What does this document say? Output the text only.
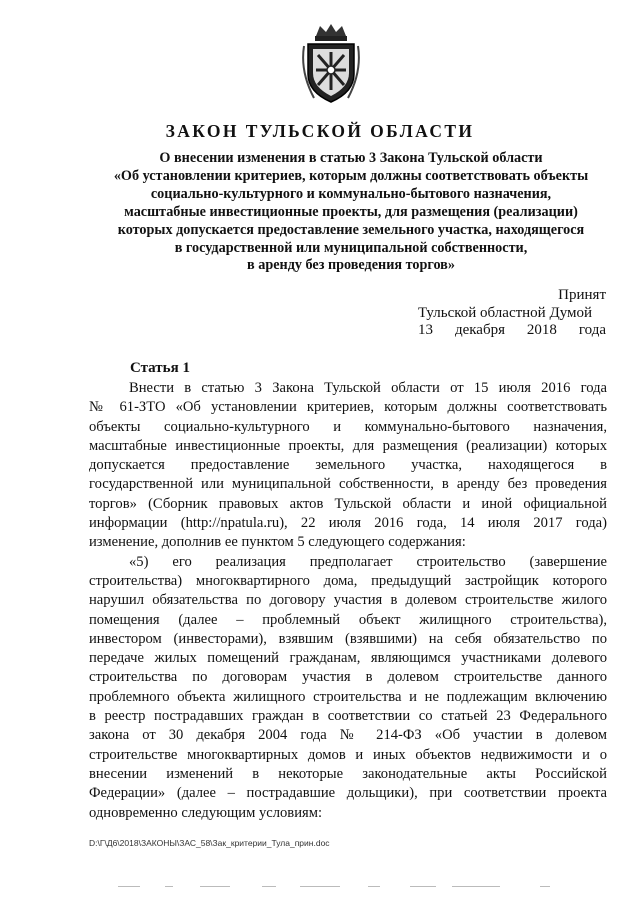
ЗАКОН ТУЛЬСКОЙ ОБЛАСТИ
О внесении изменения в статью 3 Закона Тульской области
«Об установлении критериев, которым должны соответствовать объекты
социально-культурного и коммунально-бытового назначения,
масштабные инвестиционные проекты, для размещения (реализации)
которых допускается предоставление земельного участка, находящегося
в государственной или муниципальной собственности,
в аренду без проведения торгов»
Принят
Тульской областной Думой
13 декабря 2018 года
Статья 1
Внести в статью 3 Закона Тульской области от 15 июля 2016 года
№ 61-ЗТО «Об установлении критериев, которым должны соответствовать
объекты социально-культурного и коммунально-бытового назначения,
масштабные инвестиционные проекты, для размещения (реализации) которых
допускается предоставление земельного участка, находящегося в
государственной или муниципальной собственности, в аренду без проведения
торгов» (Сборник правовых актов Тульской области и иной официальной
информации (http://npatula.ru), 22 июля 2016 года, 14 июля 2017 года)
изменение, дополнив ее пунктом 5 следующего содержания:
«5) его реализация предполагает строительство (завершение
строительства) многоквартирного дома, предыдущий застройщик которого
нарушил обязательства по договору участия в долевом строительстве жилого
помещения (далее – проблемный объект жилищного строительства),
инвестором (инвесторами), взявшим (взявшими) на себя обязательство по
передаче жилых помещений гражданам, являющимся участниками долевого
строительства по договорам участия в долевом строительстве данного
проблемного объекта жилищного строительства и не подлежащим включению
в реестр пострадавших граждан в соответствии со статьей 23 Федерального
закона от 30 декабря 2004 года № 214-ФЗ «Об участии в долевом
строительстве многоквартирных домов и иных объектов недвижимости и о
внесении изменений в некоторые законодательные акты Российской
Федерации» (далее – пострадавшие дольщики), при соответствии проекта
одновременно следующим условиям:
D:\Г\Д6\2018\ЗАКОНЫ\ЗАС_58\Зак_критерии_Тула_прин.doc
